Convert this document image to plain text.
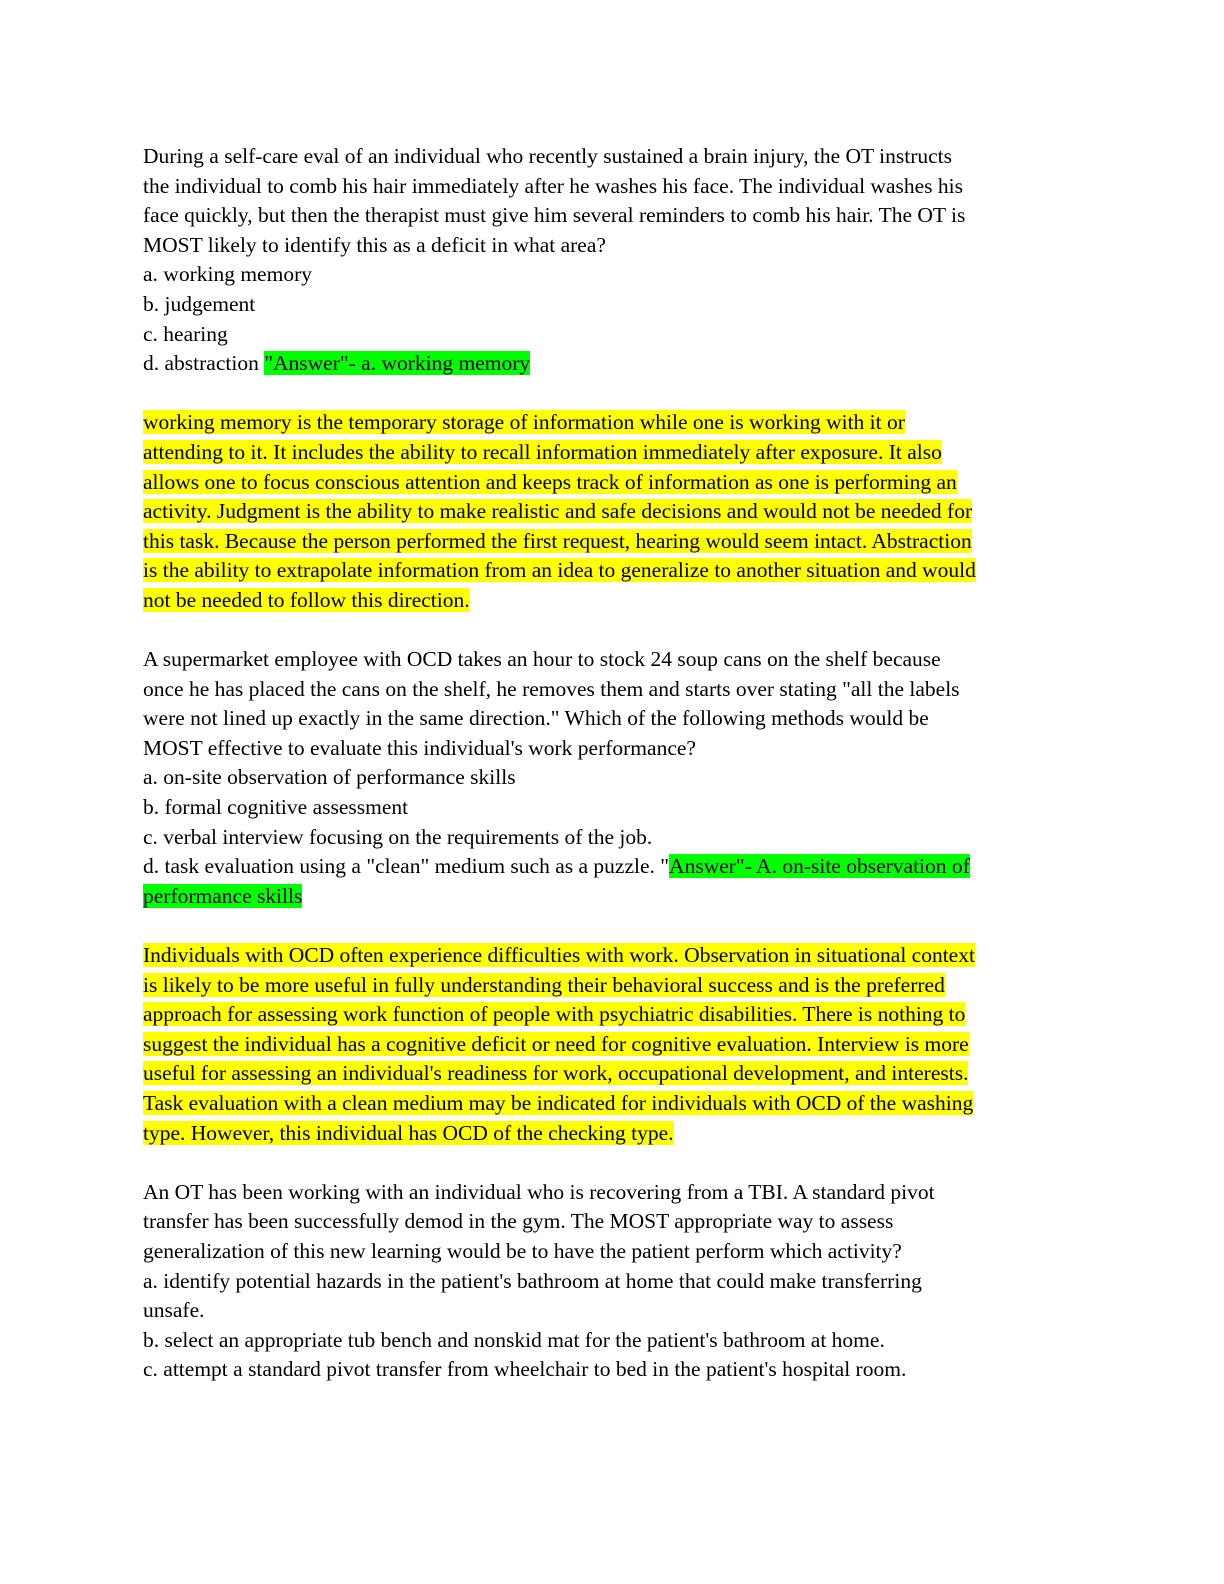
During a self-care eval of an individual who recently sustained a brain injury, the OT instructs
the individual to comb his hair immediately after he washes his face. The individual washes his
face quickly, but then the therapist must give him several reminders to comb his hair. The OT is
MOST likely to identify this as a deficit in what area?
a. working memory
b. judgement
c. hearing
d. abstraction "Answer"- a. working memory
working memory is the temporary storage of information while one is working with it or
attending to it. It includes the ability to recall information immediately after exposure. It also
allows one to focus conscious attention and keeps track of information as one is performing an
activity. Judgment is the ability to make realistic and safe decisions and would not be needed for
this task. Because the person performed the first request, hearing would seem intact. Abstraction
is the ability to extrapolate information from an idea to generalize to another situation and would
not be needed to follow this direction.
A supermarket employee with OCD takes an hour to stock 24 soup cans on the shelf because
once he has placed the cans on the shelf, he removes them and starts over stating "all the labels
were not lined up exactly in the same direction." Which of the following methods would be
MOST effective to evaluate this individual's work performance?
a. on-site observation of performance skills
b. formal cognitive assessment
c. verbal interview focusing on the requirements of the job.
d. task evaluation using a "clean" medium such as a puzzle. "Answer"- A. on-site observation of
performance skills
Individuals with OCD often experience difficulties with work. Observation in situational context
is likely to be more useful in fully understanding their behavioral success and is the preferred
approach for assessing work function of people with psychiatric disabilities. There is nothing to
suggest the individual has a cognitive deficit or need for cognitive evaluation. Interview is more
useful for assessing an individual's readiness for work, occupational development, and interests.
Task evaluation with a clean medium may be indicated for individuals with OCD of the washing
type. However, this individual has OCD of the checking type.
An OT has been working with an individual who is recovering from a TBI. A standard pivot
transfer has been successfully demod in the gym. The MOST appropriate way to assess
generalization of this new learning would be to have the patient perform which activity?
a. identify potential hazards in the patient's bathroom at home that could make transferring
unsafe.
b. select an appropriate tub bench and nonskid mat for the patient's bathroom at home.
c. attempt a standard pivot transfer from wheelchair to bed in the patient's hospital room.
